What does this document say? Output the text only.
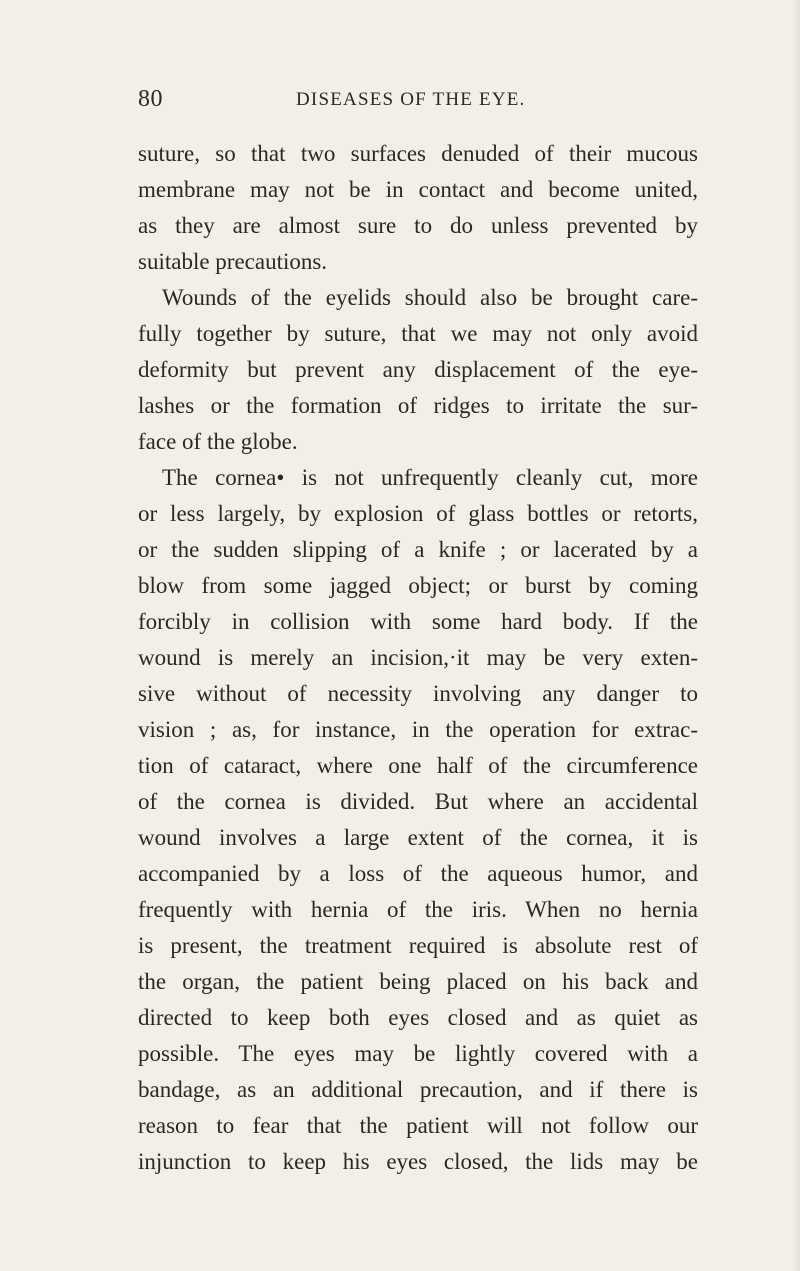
80	DISEASES OF THE EYE.
suture, so that two surfaces denuded of their mucous
membrane may not be in contact and become united,
as they are almost sure to do unless prevented by
suitable precautions.
Wounds of the eyelids should also be brought care-
fully together by suture, that we may not only avoid
deformity but prevent any displacement of the eye-
lashes or the formation of ridges to irritate the sur-
face of the globe.
The cornea• is not unfrequently cleanly cut, more
or less largely, by explosion of glass bottles or retorts,
or the sudden slipping of a knife ; or lacerated by a
blow from some jagged object; or burst by coming
forcibly in collision with some hard body. If the
wound is merely an incision,·it may be very exten-
sive without of necessity involving any danger to
vision ; as, for instance, in the operation for extrac-
tion of cataract, where one half of the circumference
of the cornea is divided. But where an accidental
wound involves a large extent of the cornea, it is
accompanied by a loss of the aqueous humor, and
frequently with hernia of the iris. When no hernia
is present, the treatment required is absolute rest of
the organ, the patient being placed on his back and
directed to keep both eyes closed and as quiet as
possible. The eyes may be lightly covered with a
bandage, as an additional precaution, and if there is
reason to fear that the patient will not follow our
injunction to keep his eyes closed, the lids may be
